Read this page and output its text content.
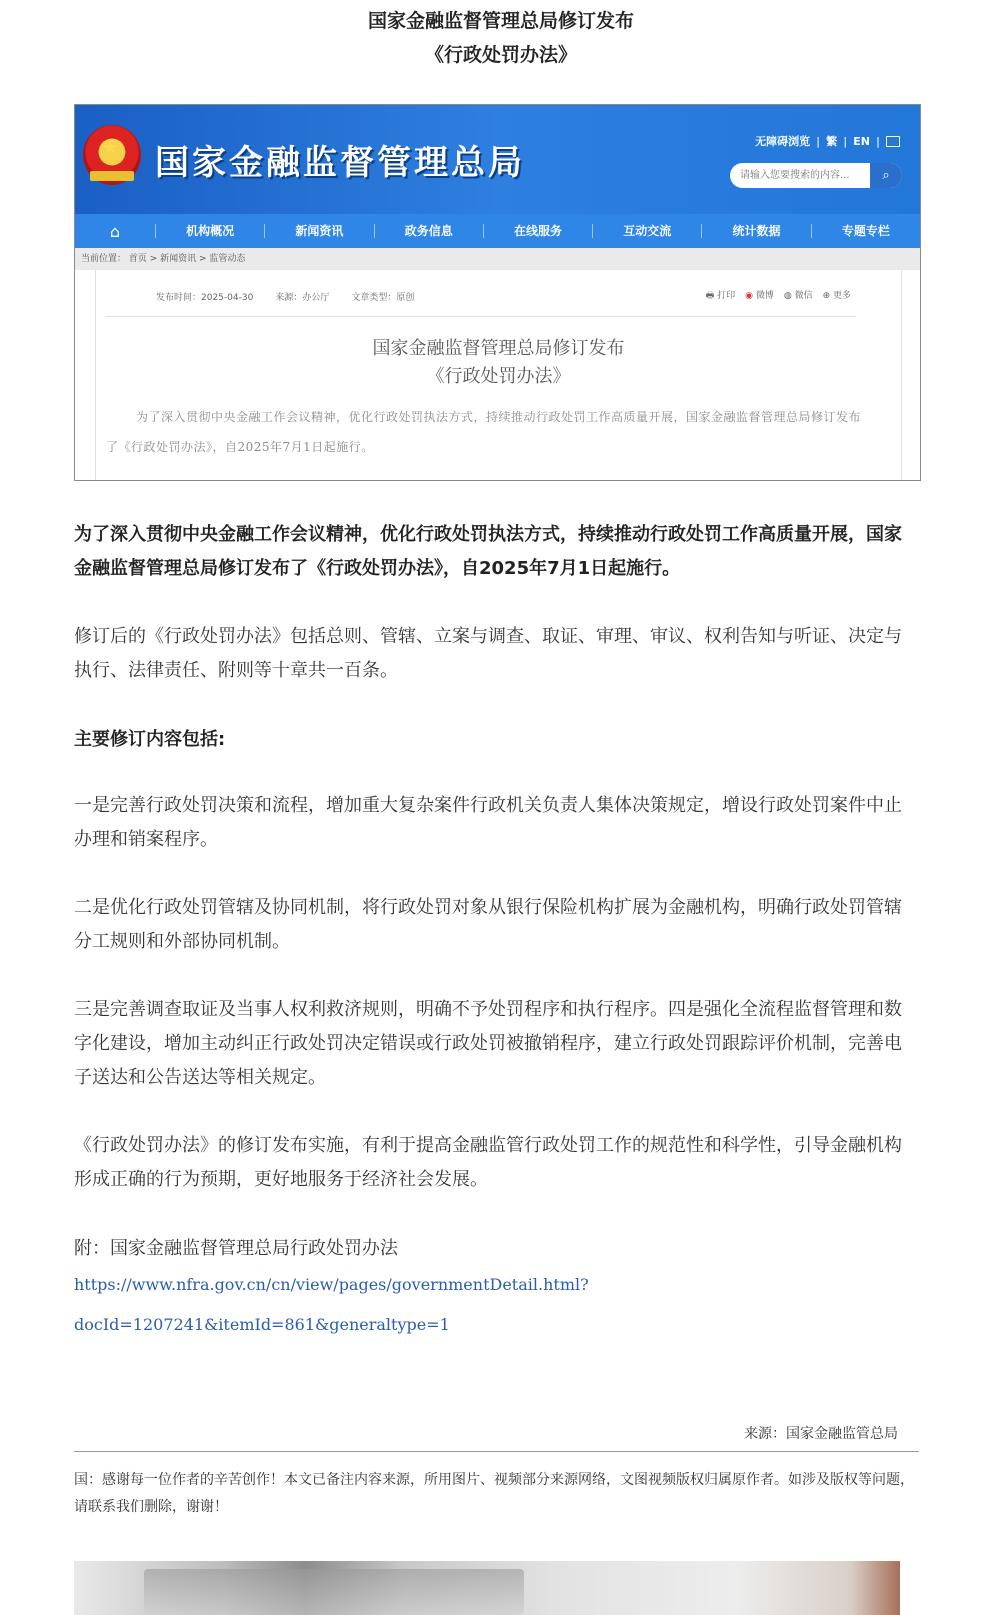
国家金融监督管理总局修订发布
《行政处罚办法》
★ 国家金融监督管理总局
无障碍浏览 | 繁 | EN |
请输入您要搜索的内容...
⌕
⌂	机构概况	新闻资讯	政务信息	在线服务	互动交流	统计数据	专题专栏
当前位置： 首页 > 新闻资讯 > 监管动态
发布时间：2025-04-30 来源：办公厅 文章类型：原创	🖶 打印 ◉ 微博 ◍ 微信 ⊕ 更多
国家金融监督管理总局修订发布
《行政处罚办法》
为了深入贯彻中央金融工作会议精神，优化行政处罚执法方式，持续推动行政处罚工作高质量开展，国家金融监督管理总局修订发布了《行政处罚办法》，自2025年7月1日起施行。

为了深入贯彻中央金融工作会议精神，优化行政处罚执法方式，持续推动行政处罚工作高质量开展，国家金融监督管理总局修订发布了《行政处罚办法》，自2025年7月1日起施行。

修订后的《行政处罚办法》包括总则、管辖、立案与调查、取证、审理、审议、权利告知与听证、决定与执行、法律责任、附则等十章共一百条。

主要修订内容包括:

一是完善行政处罚决策和流程，增加重大复杂案件行政机关负责人集体决策规定，增设行政处罚案件中止办理和销案程序。

二是优化行政处罚管辖及协同机制，将行政处罚对象从银行保险机构扩展为金融机构，明确行政处罚管辖分工规则和外部协同机制。

三是完善调查取证及当事人权利救济规则，明确不予处罚程序和执行程序。四是强化全流程监督管理和数字化建设，增加主动纠正行政处罚决定错误或行政处罚被撤销程序，建立行政处罚跟踪评价机制，完善电子送达和公告送达等相关规定。

《行政处罚办法》的修订发布实施，有利于提高金融监管行政处罚工作的规范性和科学性，引导金融机构形成正确的行为预期，更好地服务于经济社会发展。

附：国家金融监督管理总局行政处罚办法

https://www.nfra.gov.cn/cn/view/pages/governmentDetail.html?
docId=1207241&itemId=861&generaltype=1
来源：国家金融监管总局
国：感谢每一位作者的辛苦创作！本文已备注内容来源，所用图片、视频部分来源网络，文图视频版权归属原作者。如涉及版权等问题，请联系我们删除，谢谢！
